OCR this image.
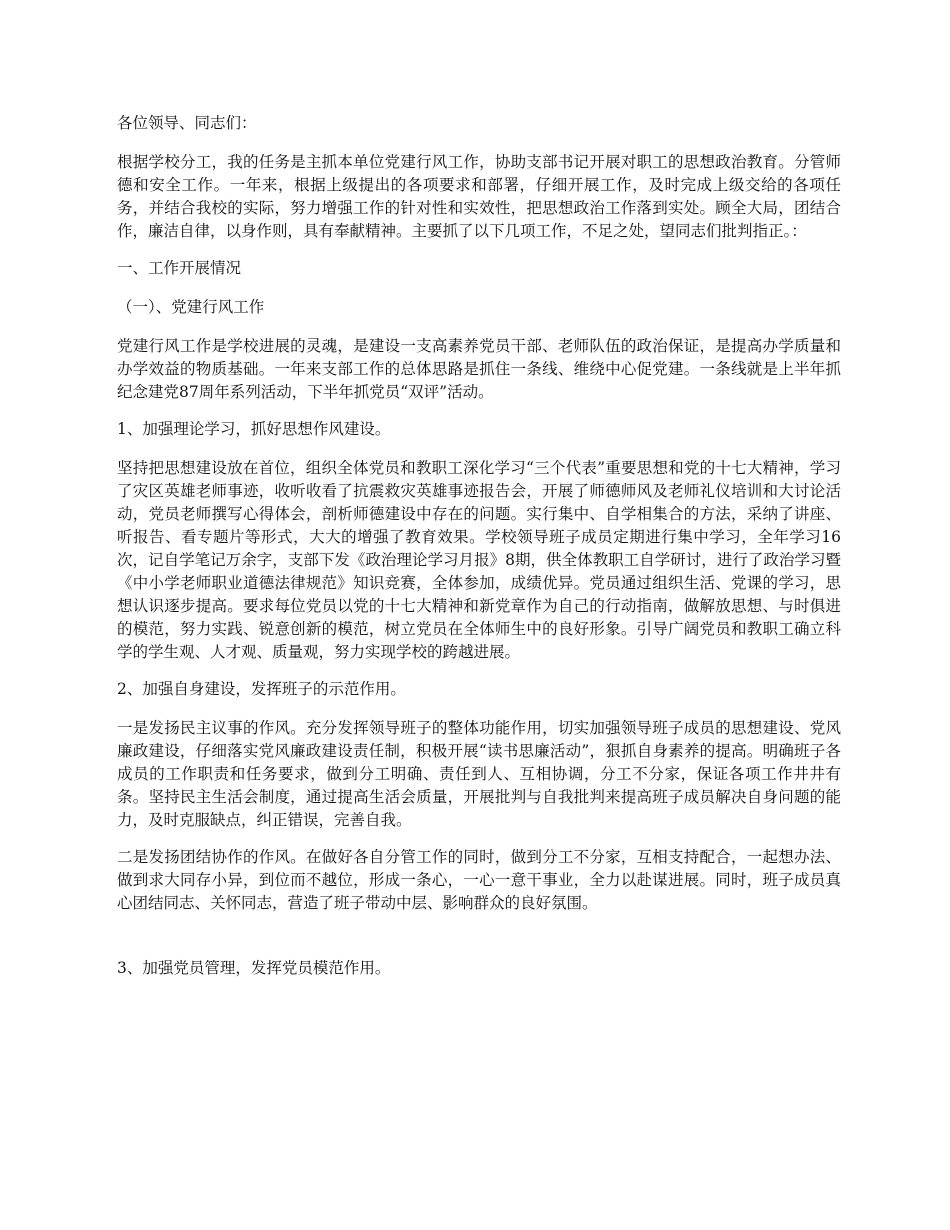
各位领导、同志们：

根据学校分工，我的任务是主抓本单位党建行风工作，协助支部书记开展对职工的思想政治教育。分管师德和安全工作。一年来，根据上级提出的各项要求和部署，仔细开展工作，及时完成上级交给的各项任务，并结合我校的实际，努力增强工作的针对性和实效性，把思想政治工作落到实处。顾全大局，团结合作，廉洁自律，以身作则，具有奉献精神。主要抓了以下几项工作，不足之处，望同志们批判指正。：

一、工作开展情况

（一）、党建行风工作

党建行风工作是学校进展的灵魂，是建设一支高素养党员干部、老师队伍的政治保证，是提高办学质量和办学效益的物质基础。一年来支部工作的总体思路是抓住一条线、维绕中心促党建。一条线就是上半年抓纪念建党87周年系列活动，下半年抓党员“双评”活动。

1、加强理论学习，抓好思想作风建设。

坚持把思想建设放在首位，组织全体党员和教职工深化学习“三个代表”重要思想和党的十七大精神，学习了灾区英雄老师事迹，收听收看了抗震救灾英雄事迹报告会，开展了师德师风及老师礼仪培训和大讨论活动，党员老师撰写心得体会，剖析师德建设中存在的问题。实行集中、自学相集合的方法，采纳了讲座、听报告、看专题片等形式，大大的增强了教育效果。学校领导班子成员定期进行集中学习，全年学习16次，记自学笔记万余字，支部下发《政治理论学习月报》8期，供全体教职工自学研讨，进行了政治学习暨《中小学老师职业道德法律规范》知识竞赛，全体参加，成绩优异。党员通过组织生活、党课的学习，思想认识逐步提高。要求每位党员以党的十七大精神和新党章作为自己的行动指南，做解放思想、与时俱进的模范，努力实践、锐意创新的模范，树立党员在全体师生中的良好形象。引导广阔党员和教职工确立科学的学生观、人才观、质量观，努力实现学校的跨越进展。

2、加强自身建设，发挥班子的示范作用。

一是发扬民主议事的作风。充分发挥领导班子的整体功能作用，切实加强领导班子成员的思想建设、党风廉政建设，仔细落实党风廉政建设责任制，积极开展“读书思廉活动”，狠抓自身素养的提高。明确班子各成员的工作职责和任务要求，做到分工明确、责任到人、互相协调，分工不分家，保证各项工作井井有条。坚持民主生活会制度，通过提高生活会质量，开展批判与自我批判来提高班子成员解决自身问题的能力，及时克服缺点，纠正错误，完善自我。

二是发扬团结协作的作风。在做好各自分管工作的同时，做到分工不分家，互相支持配合，一起想办法、做到求大同存小异，到位而不越位，形成一条心，一心一意干事业，全力以赴谋进展。同时，班子成员真心团结同志、关怀同志，营造了班子带动中层、影响群众的良好氛围。

3、加强党员管理，发挥党员模范作用。
